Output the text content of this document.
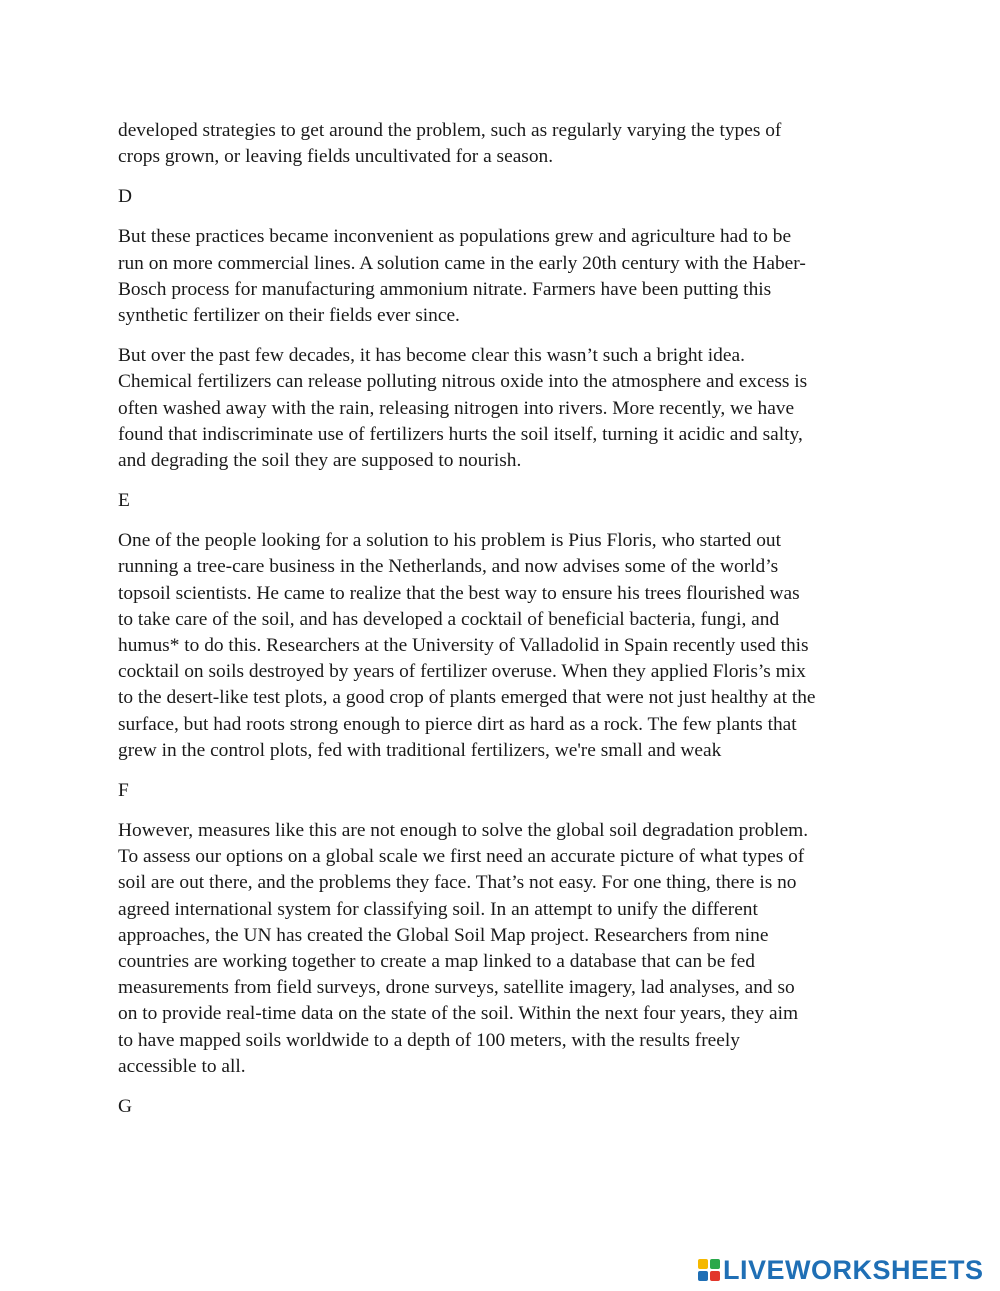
developed strategies to get around the problem, such as regularly varying the types of
crops grown, or leaving fields uncultivated for a season.
D
But these practices became inconvenient as populations grew and agriculture had to be
run on more commercial lines. A solution came in the early 20th century with the Haber-
Bosch process for manufacturing ammonium nitrate. Farmers have been putting this
synthetic fertilizer on their fields ever since.
But over the past few decades, it has become clear this wasn’t such a bright idea.
Chemical fertilizers can release polluting nitrous oxide into the atmosphere and excess is
often washed away with the rain, releasing nitrogen into rivers. More recently, we have
found that indiscriminate use of fertilizers hurts the soil itself, turning it acidic and salty,
and degrading the soil they are supposed to nourish.
E
One of the people looking for a solution to his problem is Pius Floris, who started out
running a tree-care business in the Netherlands, and now advises some of the world’s
topsoil scientists. He came to realize that the best way to ensure his trees flourished was
to take care of the soil, and has developed a cocktail of beneficial bacteria, fungi, and
humus* to do this. Researchers at the University of Valladolid in Spain recently used this
cocktail on soils destroyed by years of fertilizer overuse. When they applied Floris’s mix
to the desert-like test plots, a good crop of plants emerged that were not just healthy at the
surface, but had roots strong enough to pierce dirt as hard as a rock. The few plants that
grew in the control plots, fed with traditional fertilizers, we're small and weak
F
However, measures like this are not enough to solve the global soil degradation problem.
To assess our options on a global scale we first need an accurate picture of what types of
soil are out there, and the problems they face. That’s not easy. For one thing, there is no
agreed international system for classifying soil. In an attempt to unify the different
approaches, the UN has created the Global Soil Map project. Researchers from nine
countries are working together to create a map linked to a database that can be fed
measurements from field surveys, drone surveys, satellite imagery, lad analyses, and so
on to provide real-time data on the state of the soil. Within the next four years, they aim
to have mapped soils worldwide to a depth of 100 meters, with the results freely
accessible to all.
G
LIVEWORKSHEETS
